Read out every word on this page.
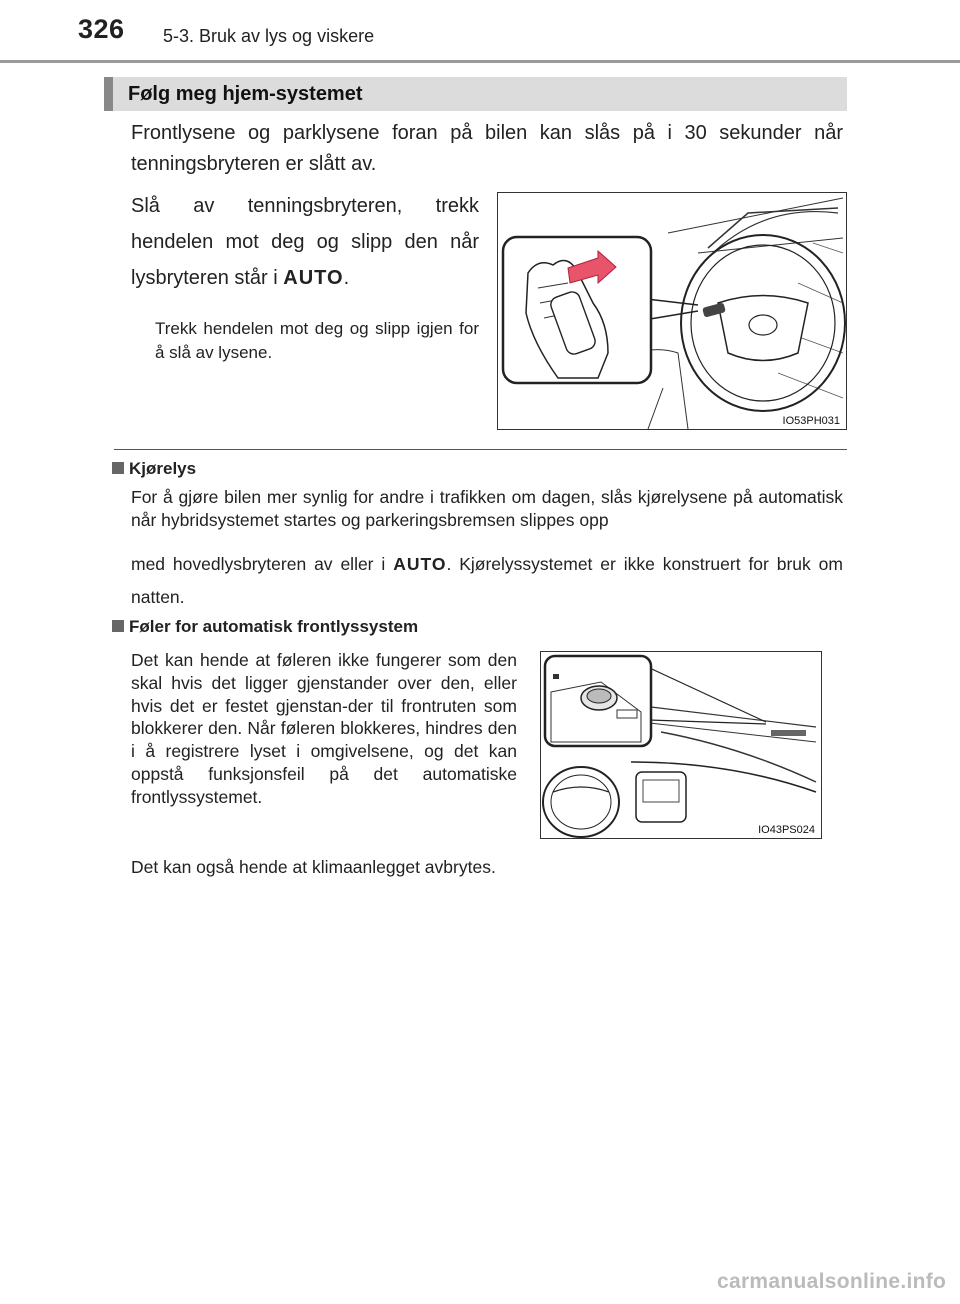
326 5-3. Bruk av lys og viskere
Følg meg hjem-systemet
Frontlysene og parklysene foran på bilen kan slås på i 30 sekunder når tenningsbryteren er slått av.
Slå av tenningsbryteren, trekk hendelen mot deg og slipp den når lysbryteren står i AUTO.
Trekk hendelen mot deg og slipp igjen for å slå av lysene.
IO53PH031
Kjørelys
For å gjøre bilen mer synlig for andre i trafikken om dagen, slås kjørelysene på automatisk når hybridsystemet startes og parkeringsbremsen slippes opp
med hovedlysbryteren av eller i AUTO. Kjørelyssystemet er ikke konstruert for bruk om natten.
Føler for automatisk frontlyssystem
Det kan hende at føleren ikke fungerer som den skal hvis det ligger gjenstander over den, eller hvis det er festet gjenstan-der til frontruten som blokkerer den. Når føleren blokkeres, hindres den i å registrere lyset i omgivelsene, og det kan oppstå funksjonsfeil på det automatiske frontlyssystemet.
IO43PS024
Det kan også hende at klimaanlegget avbrytes.
carmanualsonline.info
